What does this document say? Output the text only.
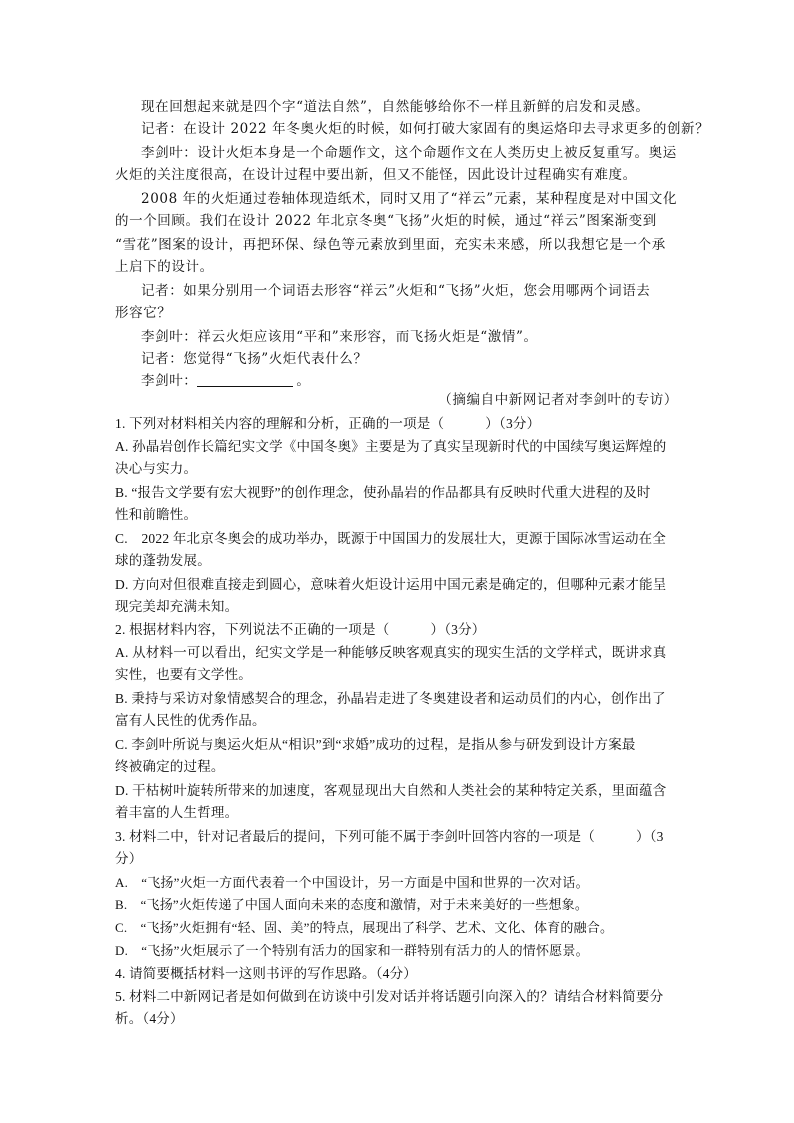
现在回想起来就是四个字“道法自然”，自然能够给你不一样且新鲜的启发和灵感。
记者：在设计 2022 年冬奥火炬的时候，如何打破大家固有的奥运烙印去寻求更多的创新？
李剑叶：设计火炬本身是一个命题作文，这个命题作文在人类历史上被反复重写。奥运
火炬的关注度很高，在设计过程中要出新，但又不能怪，因此设计过程确实有难度。
2008 年的火炬通过卷轴体现造纸术，同时又用了“祥云”元素，某种程度是对中国文化
的一个回顾。我们在设计 2022 年北京冬奥“飞扬”火炬的时候，通过“祥云”图案渐变到
“雪花”图案的设计，再把环保、绿色等元素放到里面，充实未来感，所以我想它是一个承
上启下的设计。
记者：如果分别用一个词语去形容“祥云”火炬和“飞扬”火炬，您会用哪两个词语去
形容它？
李剑叶：祥云火炬应该用“平和”来形容，而飞扬火炬是“激情”。
记者：您觉得“飞扬”火炬代表什么？
李剑叶：	。
（摘编自中新网记者对李剑叶的专访）
1. 下列对材料相关内容的理解和分析，正确的一项是（　　　）（3分）
A. 孙晶岩创作长篇纪实文学《中国冬奥》主要是为了真实呈现新时代的中国续写奥运辉煌的
决心与实力。
B. “报告文学要有宏大视野”的创作理念，使孙晶岩的作品都具有反映时代重大进程的及时
性和前瞻性。
C.　2022 年北京冬奥会的成功举办，既源于中国国力的发展壮大，更源于国际冰雪运动在全
球的蓬勃发展。
D. 方向对但很难直接走到圆心，意味着火炬设计运用中国元素是确定的，但哪种元素才能呈
现完美却充满未知。
2. 根据材料内容，下列说法不正确的一项是（　　　）（3分）
A. 从材料一可以看出，纪实文学是一种能够反映客观真实的现实生活的文学样式，既讲求真
实性，也要有文学性。
B. 秉持与采访对象情感契合的理念，孙晶岩走进了冬奥建设者和运动员们的内心，创作出了
富有人民性的优秀作品。
C. 李剑叶所说与奥运火炬从“相识”到“求婚”成功的过程，是指从参与研发到设计方案最
终被确定的过程。
D. 干枯树叶旋转所带来的加速度，客观显现出大自然和人类社会的某种特定关系，里面蕴含
着丰富的人生哲理。
3. 材料二中，针对记者最后的提问，下列可能不属于李剑叶回答内容的一项是（　　　）（3
分）
A.　“飞扬”火炬一方面代表着一个中国设计，另一方面是中国和世界的一次对话。
B.　“飞扬”火炬传递了中国人面向未来的态度和激情，对于未来美好的一些想象。
C.　“飞扬”火炬拥有“轻、固、美”的特点，展现出了科学、艺术、文化、体育的融合。
D.　“飞扬”火炬展示了一个特别有活力的国家和一群特别有活力的人的情怀愿景。
4. 请简要概括材料一这则书评的写作思路。（4分）
5. 材料二中新网记者是如何做到在访谈中引发对话并将话题引向深入的？请结合材料简要分
析。（4分）
